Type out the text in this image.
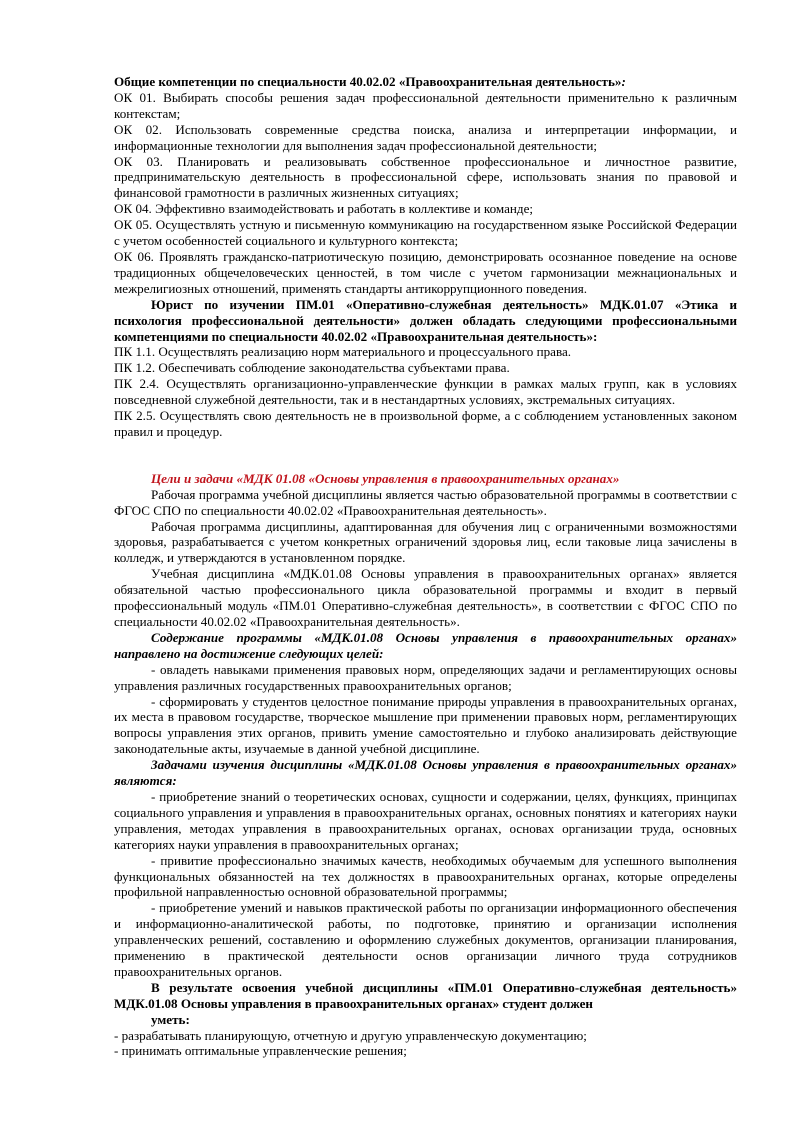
Общие компетенции по специальности 40.02.02 «Правоохранительная деятельность»:

ОК 01. Выбирать способы решения задач профессиональной деятельности применительно к различным контекстам;

ОК 02. Использовать современные средства поиска, анализа и интерпретации информации, и информационные технологии для выполнения задач профессиональной деятельности;

ОК 03. Планировать и реализовывать собственное профессиональное и личностное развитие, предпринимательскую деятельность в профессиональной сфере, использовать знания по правовой и финансовой грамотности в различных жизненных ситуациях;

ОК 04. Эффективно взаимодействовать и работать в коллективе и команде;

ОК 05. Осуществлять устную и письменную коммуникацию на государственном языке Российской Федерации с учетом особенностей социального и культурного контекста;

ОК 06. Проявлять гражданско-патриотическую позицию, демонстрировать осознанное поведение на основе традиционных общечеловеческих ценностей, в том числе с учетом гармонизации межнациональных и межрелигиозных отношений, применять стандарты антикоррупционного поведения.

Юрист по изучении ПМ.01 «Оперативно-служебная деятельность» МДК.01.07 «Этика и психология профессиональной деятельности» должен обладать следующими профессиональными компетенциями по специальности 40.02.02 «Правоохранительная деятельность»:

ПК 1.1. Осуществлять реализацию норм материального и процессуального права.

ПК 1.2. Обеспечивать соблюдение законодательства субъектами права.

ПК 2.4. Осуществлять организационно-управленческие функции в рамках малых групп, как в условиях повседневной служебной деятельности, так и в нестандартных условиях, экстремальных ситуациях.

ПК 2.5. Осуществлять свою деятельность не в произвольной форме, а с соблюдением установленных законом правил и процедур.

Цели и задачи «МДК 01.08 «Основы управления в правоохранительных органах»

Рабочая программа учебной дисциплины является частью образовательной программы в соответствии с ФГОС СПО по специальности 40.02.02 «Правоохранительная деятельность».

Рабочая программа дисциплины, адаптированная для обучения лиц с ограниченными возможностями здоровья, разрабатывается с учетом конкретных ограничений здоровья лиц, если таковые лица зачислены в колледж, и утверждаются в установленном порядке.

Учебная дисциплина «МДК.01.08 Основы управления в правоохранительных органах» является обязательной частью профессионального цикла образовательной программы и входит в первый профессиональный модуль «ПМ.01 Оперативно-служебная деятельность», в соответствии с ФГОС СПО по специальности 40.02.02 «Правоохранительная деятельность».

Содержание программы «МДК.01.08 Основы управления в правоохранительных органах» направлено на достижение следующих целей:

- овладеть навыками применения правовых норм, определяющих задачи и регламентирующих основы управления различных государственных правоохранительных органов;

- сформировать у студентов целостное понимание природы управления в правоохранительных органах, их места в правовом государстве, творческое мышление при применении правовых норм, регламентирующих вопросы управления этих органов, привить умение самостоятельно и глубоко анализировать действующие законодательные акты, изучаемые в данной учебной дисциплине.

Задачами изучения дисциплины «МДК.01.08 Основы управления в правоохранительных органах» являются:

- приобретение знаний о теоретических основах, сущности и содержании, целях, функциях, принципах социального управления и управления в правоохранительных органах, основных понятиях и категориях науки управления, методах управления в правоохранительных органах, основах организации труда, основных категориях науки управления в правоохранительных органах;

- привитие профессионально значимых качеств, необходимых обучаемым для успешного выполнения функциональных обязанностей на тех должностях в правоохранительных органах, которые определены профильной направленностью основной образовательной программы;

- приобретение умений и навыков практической работы по организации информационного обеспечения и информационно-аналитической работы, по подготовке, принятию и организации исполнения управленческих решений, составлению и оформлению служебных документов, организации планирования, применению в практической деятельности основ организации личного труда сотрудников правоохранительных органов.

В результате освоения учебной дисциплины «ПМ.01 Оперативно-служебная деятельность» МДК.01.08 Основы управления в правоохранительных органах» студент должен

уметь:

- разрабатывать планирующую, отчетную и другую управленческую документацию;

- принимать оптимальные управленческие решения;
